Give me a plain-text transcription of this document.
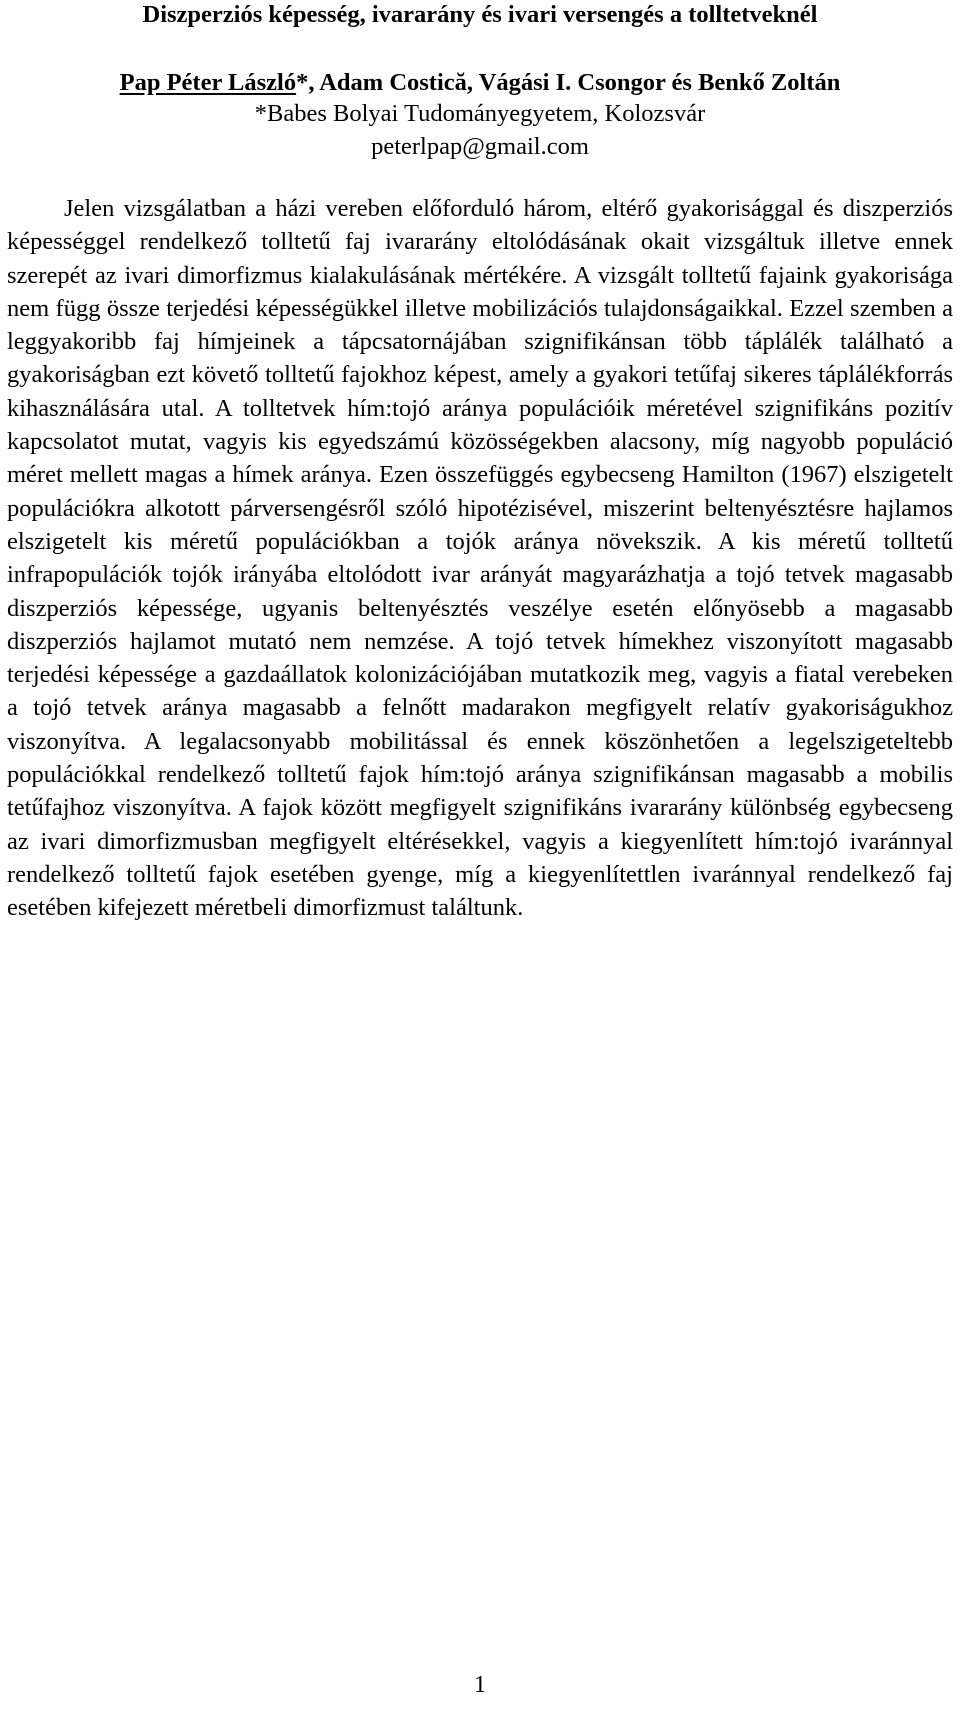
Diszperziós képesség, ivararány és ivari versengés a tolltetveknél
Pap Péter László*, Adam Costică, Vágási I. Csongor és Benkő Zoltán
*Babes Bolyai Tudományegyetem, Kolozsvár
peterlpap@gmail.com

Jelen vizsgálatban a házi vereben előforduló három, eltérő gyakorisággal és diszperziós képességgel rendelkező tolltetű faj ivararány eltolódásának okait vizsgáltuk illetve ennek szerepét az ivari dimorfizmus kialakulásának mértékére. A vizsgált tolltetű fajaink gyakorisága nem függ össze terjedési képességükkel illetve mobilizációs tulajdonságaikkal. Ezzel szemben a leggyakoribb faj hímjeinek a tápcsatornájában szignifikánsan több táplálék található a gyakoriságban ezt követő tolltetű fajokhoz képest, amely a gyakori tetűfaj sikeres táplálékforrás kihasználására utal. A tolltetvek hím:tojó aránya populációik méretével szignifikáns pozitív kapcsolatot mutat, vagyis kis egyedszámú közösségekben alacsony, míg nagyobb populáció méret mellett magas a hímek aránya. Ezen összefüggés egybecseng Hamilton (1967) elszigetelt populációkra alkotott párversengésről szóló hipotézisével, miszerint beltenyésztésre hajlamos elszigetelt kis méretű populációkban a tojók aránya növekszik. A kis méretű tolltetű infrapopulációk tojók irányába eltolódott ivar arányát magyarázhatja a tojó tetvek magasabb diszperziós képessége, ugyanis beltenyésztés veszélye esetén előnyösebb a magasabb diszperziós hajlamot mutató nem nemzése. A tojó tetvek hímekhez viszonyított magasabb terjedési képessége a gazdaállatok kolonizációjában mutatkozik meg, vagyis a fiatal verebeken a tojó tetvek aránya magasabb a felnőtt madarakon megfigyelt relatív gyakoriságukhoz viszonyítva. A legalacsonyabb mobilitással és ennek köszönhetően a legelszigeteltebb populációkkal rendelkező tolltetű fajok hím:tojó aránya szignifikánsan magasabb a mobilis tetűfajhoz viszonyítva. A fajok között megfigyelt szignifikáns ivararány különbség egybecseng az ivari dimorfizmusban megfigyelt eltérésekkel, vagyis a kiegyenlített hím:tojó ivaránnyal rendelkező tolltetű fajok esetében gyenge, míg a kiegyenlítettlen ivaránnyal rendelkező faj esetében kifejezett méretbeli dimorfizmust találtunk.

1
